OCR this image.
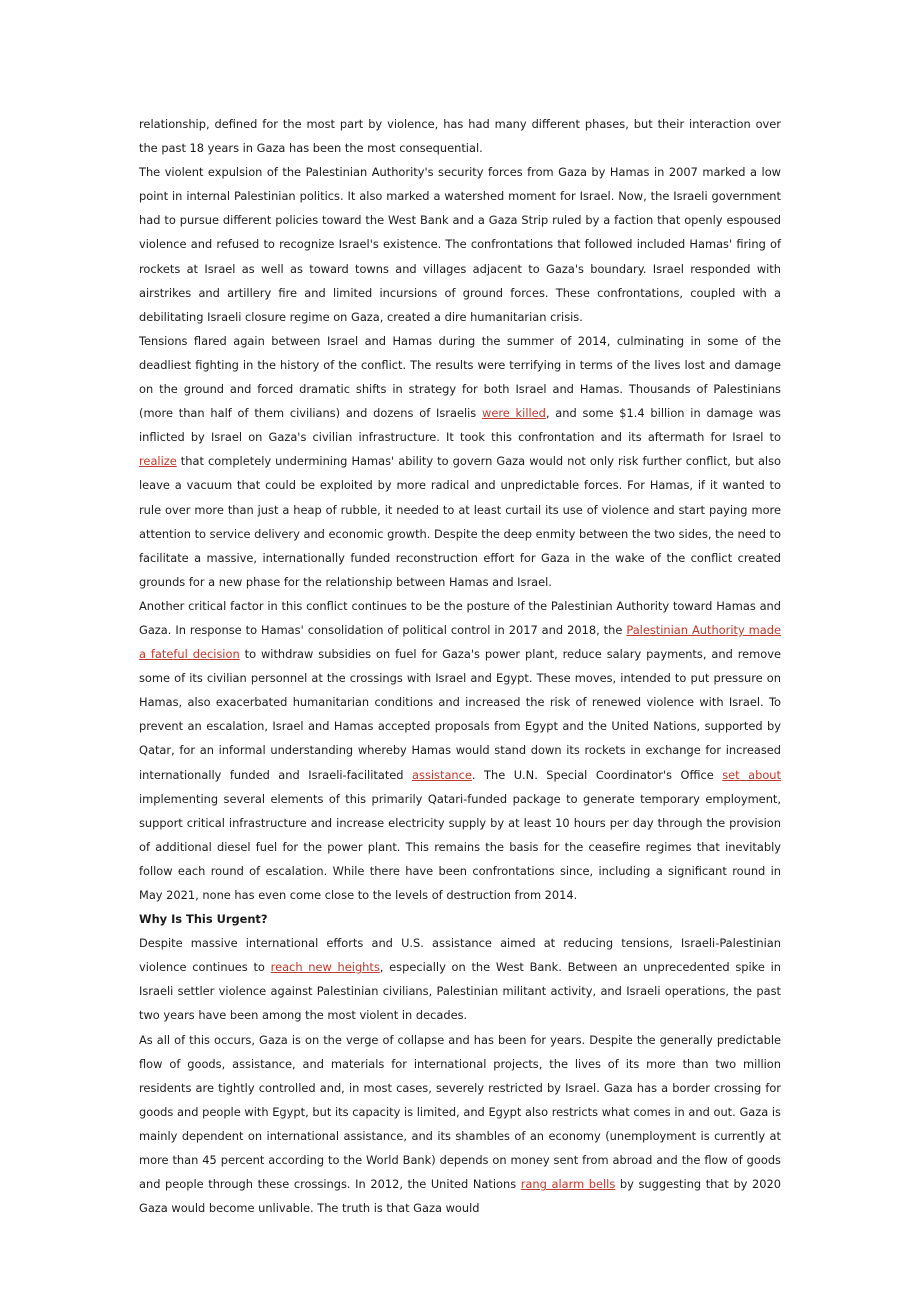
relationship, defined for the most part by violence, has had many different phases, but their interaction over the past 18 years in Gaza has been the most consequential.

The violent expulsion of the Palestinian Authority's security forces from Gaza by Hamas in 2007 marked a low point in internal Palestinian politics. It also marked a watershed moment for Israel. Now, the Israeli government had to pursue different policies toward the West Bank and a Gaza Strip ruled by a faction that openly espoused violence and refused to recognize Israel's existence. The confrontations that followed included Hamas' firing of rockets at Israel as well as toward towns and villages adjacent to Gaza's boundary. Israel responded with airstrikes and artillery fire and limited incursions of ground forces. These confrontations, coupled with a debilitating Israeli closure regime on Gaza, created a dire humanitarian crisis.

Tensions flared again between Israel and Hamas during the summer of 2014, culminating in some of the deadliest fighting in the history of the conflict. The results were terrifying in terms of the lives lost and damage on the ground and forced dramatic shifts in strategy for both Israel and Hamas. Thousands of Palestinians (more than half of them civilians) and dozens of Israelis were killed, and some $1.4 billion in damage was inflicted by Israel on Gaza's civilian infrastructure. It took this confrontation and its aftermath for Israel to realize that completely undermining Hamas' ability to govern Gaza would not only risk further conflict, but also leave a vacuum that could be exploited by more radical and unpredictable forces. For Hamas, if it wanted to rule over more than just a heap of rubble, it needed to at least curtail its use of violence and start paying more attention to service delivery and economic growth. Despite the deep enmity between the two sides, the need to facilitate a massive, internationally funded reconstruction effort for Gaza in the wake of the conflict created grounds for a new phase for the relationship between Hamas and Israel.

Another critical factor in this conflict continues to be the posture of the Palestinian Authority toward Hamas and Gaza. In response to Hamas' consolidation of political control in 2017 and 2018, the Palestinian Authority made a fateful decision to withdraw subsidies on fuel for Gaza's power plant, reduce salary payments, and remove some of its civilian personnel at the crossings with Israel and Egypt. These moves, intended to put pressure on Hamas, also exacerbated humanitarian conditions and increased the risk of renewed violence with Israel. To prevent an escalation, Israel and Hamas accepted proposals from Egypt and the United Nations, supported by Qatar, for an informal understanding whereby Hamas would stand down its rockets in exchange for increased internationally funded and Israeli-facilitated assistance. The U.N. Special Coordinator's Office set about implementing several elements of this primarily Qatari-funded package to generate temporary employment, support critical infrastructure and increase electricity supply by at least 10 hours per day through the provision of additional diesel fuel for the power plant. This remains the basis for the ceasefire regimes that inevitably follow each round of escalation. While there have been confrontations since, including a significant round in May 2021, none has even come close to the levels of destruction from 2014.

Why Is This Urgent?

Despite massive international efforts and U.S. assistance aimed at reducing tensions, Israeli-Palestinian violence continues to reach new heights, especially on the West Bank. Between an unprecedented spike in Israeli settler violence against Palestinian civilians, Palestinian militant activity, and Israeli operations, the past two years have been among the most violent in decades.

As all of this occurs, Gaza is on the verge of collapse and has been for years. Despite the generally predictable flow of goods, assistance, and materials for international projects, the lives of its more than two million residents are tightly controlled and, in most cases, severely restricted by Israel. Gaza has a border crossing for goods and people with Egypt, but its capacity is limited, and Egypt also restricts what comes in and out. Gaza is mainly dependent on international assistance, and its shambles of an economy (unemployment is currently at more than 45 percent according to the World Bank) depends on money sent from abroad and the flow of goods and people through these crossings. In 2012, the United Nations rang alarm bells by suggesting that by 2020 Gaza would become unlivable. The truth is that Gaza would
